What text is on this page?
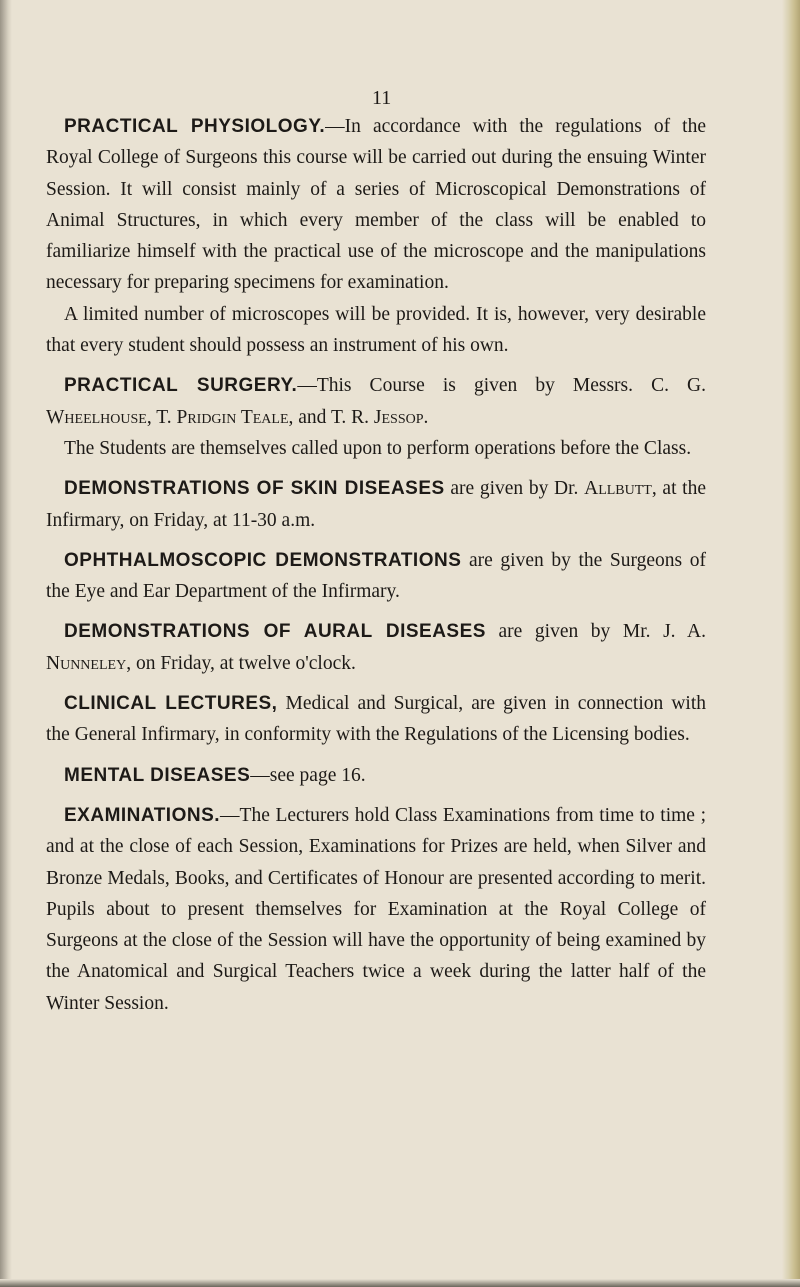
11

PRACTICAL PHYSIOLOGY.—In accordance with the regulations of the Royal College of Surgeons this course will be carried out during the ensuing Winter Session. It will consist mainly of a series of Microscopical Demonstrations of Animal Structures, in which every member of the class will be enabled to familiarize himself with the practical use of the microscope and the manipulations necessary for preparing specimens for examination.

A limited number of microscopes will be provided. It is, however, very desirable that every student should possess an instrument of his own.

PRACTICAL SURGERY.—This Course is given by Messrs. C. G. Wheelhouse, T. Pridgin Teale, and T. R. Jessop.

The Students are themselves called upon to perform operations before the Class.

DEMONSTRATIONS OF SKIN DISEASES are given by Dr. Allbutt, at the Infirmary, on Friday, at 11-30 a.m.

OPHTHALMOSCOPIC DEMONSTRATIONS are given by the Surgeons of the Eye and Ear Department of the Infirmary.

DEMONSTRATIONS OF AURAL DISEASES are given by Mr. J. A. Nunneley, on Friday, at twelve o'clock.

CLINICAL LECTURES, Medical and Surgical, are given in connection with the General Infirmary, in conformity with the Regulations of the Licensing bodies.

MENTAL DISEASES—see page 16.

EXAMINATIONS.—The Lecturers hold Class Examinations from time to time ; and at the close of each Session, Examinations for Prizes are held, when Silver and Bronze Medals, Books, and Certificates of Honour are presented according to merit. Pupils about to present themselves for Examination at the Royal College of Surgeons at the close of the Session will have the opportunity of being examined by the Anatomical and Surgical Teachers twice a week during the latter half of the Winter Session.
